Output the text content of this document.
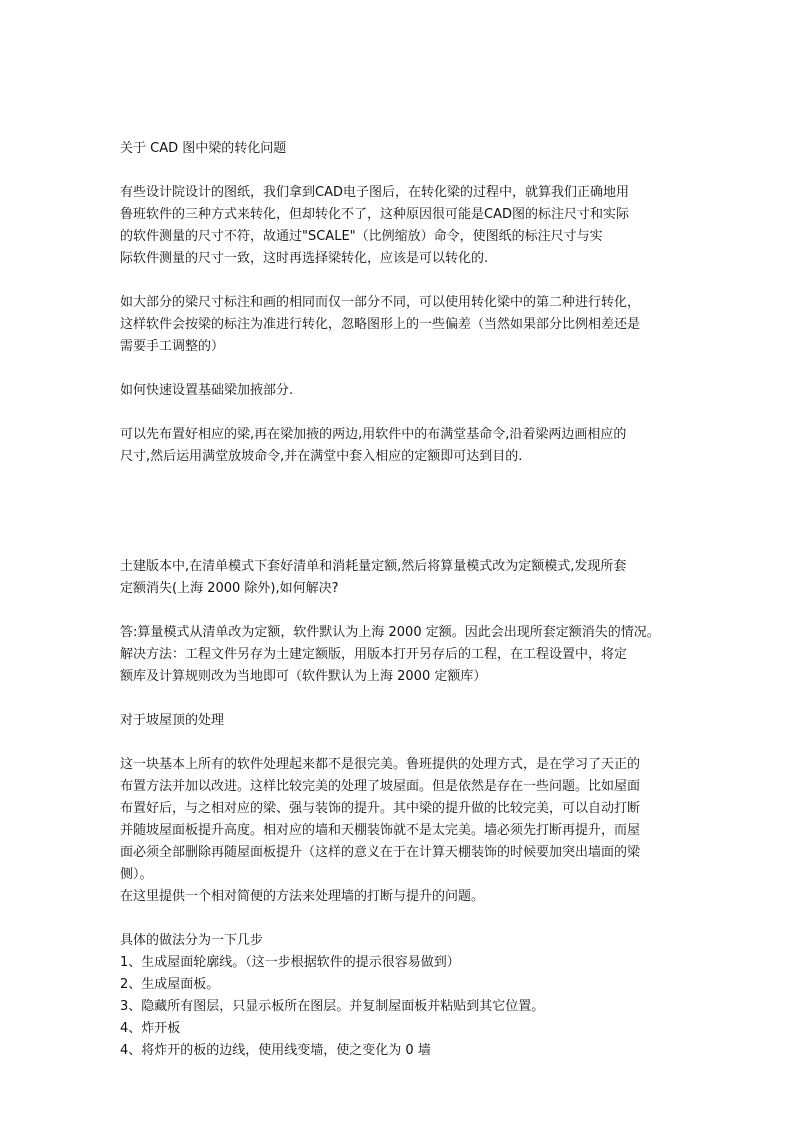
关于 CAD 图中梁的转化问题
有些设计院设计的图纸，我们拿到CAD电子图后，在转化梁的过程中，就算我们正确地用
鲁班软件的三种方式来转化，但却转化不了，这种原因很可能是CAD图的标注尺寸和实际
的软件测量的尺寸不符，故通过"SCALE"（比例缩放）命令，使图纸的标注尺寸与实
际软件测量的尺寸一致，这时再选择梁转化，应该是可以转化的.
如大部分的梁尺寸标注和画的相同而仅一部分不同，可以使用转化梁中的第二种进行转化，
这样软件会按梁的标注为准进行转化，忽略图形上的一些偏差（当然如果部分比例相差还是
需要手工调整的）
如何快速设置基础梁加掖部分.
可以先布置好相应的梁,再在梁加掖的两边,用软件中的布满堂基命令,沿着梁两边画相应的
尺寸,然后运用满堂放坡命令,并在满堂中套入相应的定额即可达到目的.
土建版本中,在清单模式下套好清单和消耗量定额,然后将算量模式改为定额模式,发现所套
定额消失(上海 2000 除外),如何解决?
答:算量模式从清单改为定额，软件默认为上海 2000 定额。因此会出现所套定额消失的情况。
解决方法：工程文件另存为土建定额版，用版本打开另存后的工程，在工程设置中，将定
额库及计算规则改为当地即可（软件默认为上海 2000 定额库）
对于坡屋顶的处理
这一块基本上所有的软件处理起来都不是很完美。鲁班提供的处理方式，是在学习了天正的
布置方法并加以改进。这样比较完美的处理了坡屋面。但是依然是存在一些问题。比如屋面
布置好后，与之相对应的梁、强与装饰的提升。其中梁的提升做的比较完美，可以自动打断
并随坡屋面板提升高度。相对应的墙和天棚装饰就不是太完美。墙必须先打断再提升，而屋
面必须全部删除再随屋面板提升（这样的意义在于在计算天棚装饰的时候要加突出墙面的梁
侧）。
在这里提供一个相对简便的方法来处理墙的打断与提升的问题。
具体的做法分为一下几步
1、生成屋面轮廓线。（这一步根据软件的提示很容易做到）
2、生成屋面板。
3、隐藏所有图层，只显示板所在图层。并复制屋面板并粘贴到其它位置。
4、炸开板
4、将炸开的板的边线，使用线变墙，使之变化为 0 墙
